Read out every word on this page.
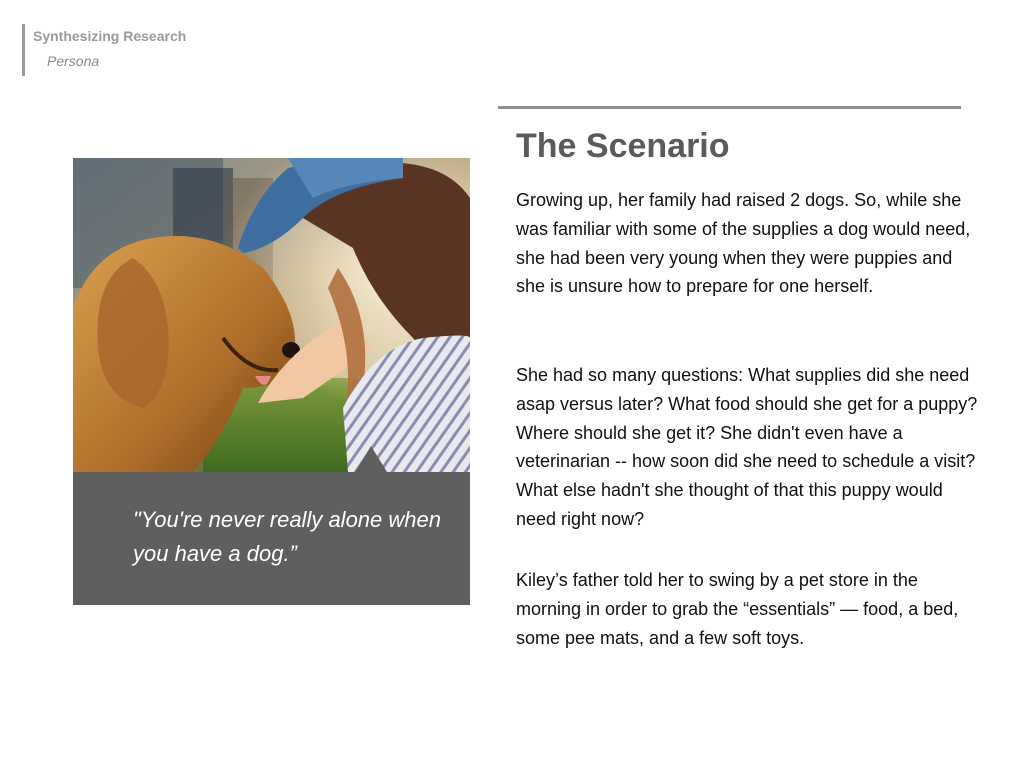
Synthesizing Research
Persona

"You're never really alone when you have a dog.”

The Scenario

Growing up, her family had raised 2 dogs. So, while she was familiar with some of the supplies a dog would need, she had been very young when they were puppies and she is unsure how to prepare for one herself.

She had so many questions: What supplies did she need asap versus later? What food should she get for a puppy? Where should she get it? She didn't even have a veterinarian -- how soon did she need to schedule a visit? What else hadn't she thought of that this puppy would need right now?

Kiley’s father told her to swing by a pet store in the morning in order to grab the “essentials” — food, a bed, some pee mats, and a few soft toys.
